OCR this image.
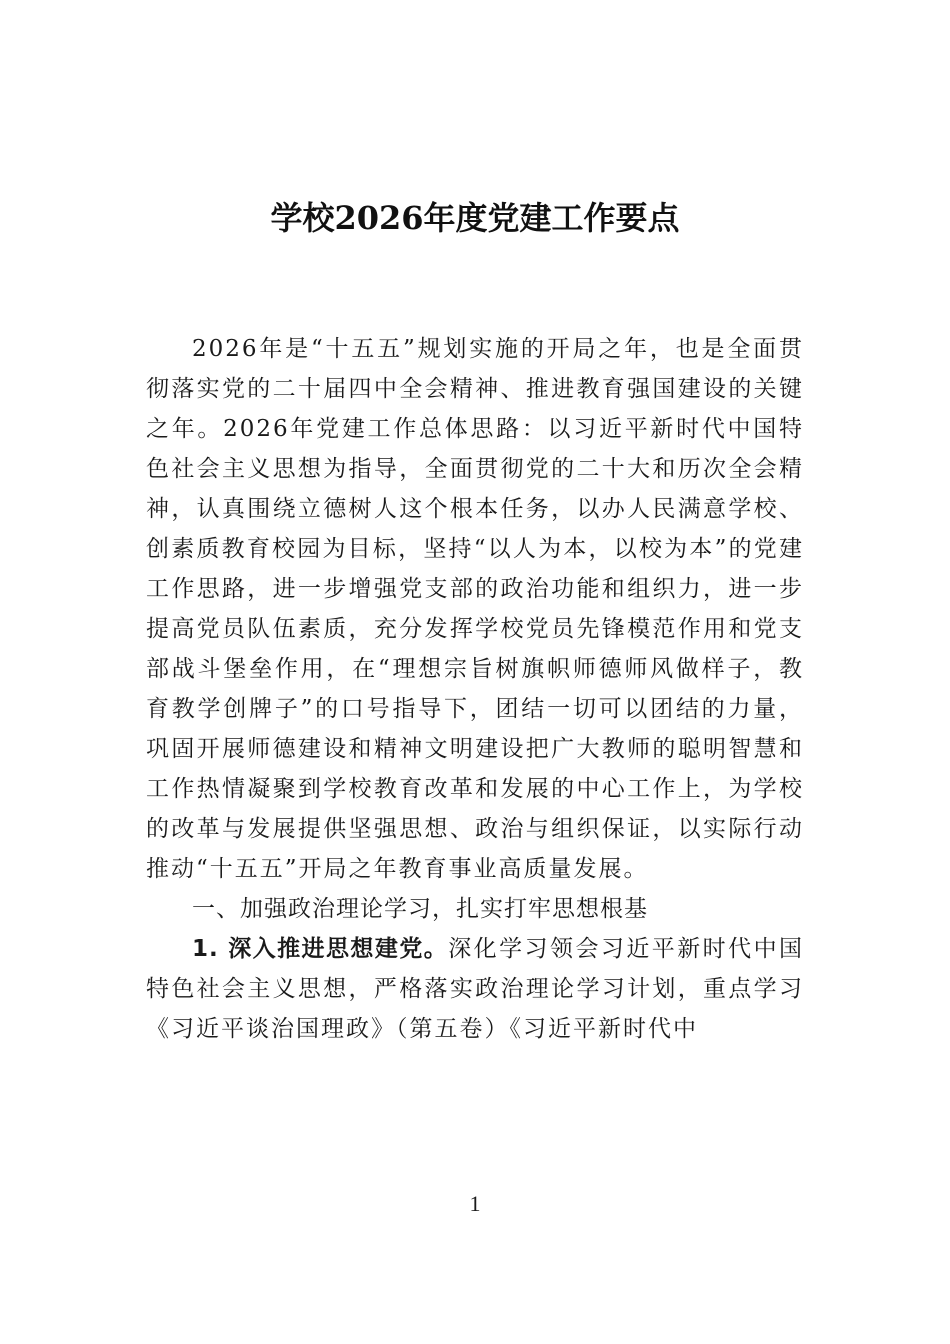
学校2026年度党建工作要点

2026年是“十五五”规划实施的开局之年，也是全面贯彻落实党的二十届四中全会精神、推进教育强国建设的关键之年。2026年党建工作总体思路：以习近平新时代中国特色社会主义思想为指导，全面贯彻党的二十大和历次全会精神，认真围绕立德树人这个根本任务，以办人民满意学校、创素质教育校园为目标，坚持“以人为本，以校为本”的党建工作思路，进一步增强党支部的政治功能和组织力，进一步提高党员队伍素质，充分发挥学校党员先锋模范作用和党支部战斗堡垒作用，在“理想宗旨树旗帜师德师风做样子，教育教学创牌子”的口号指导下，团结一切可以团结的力量，巩固开展师德建设和精神文明建设把广大教师的聪明智慧和工作热情凝聚到学校教育改革和发展的中心工作上，为学校的改革与发展提供坚强思想、政治与组织保证，以实际行动推动“十五五”开局之年教育事业高质量发展。

一、加强政治理论学习，扎实打牢思想根基

1. 深入推进思想建党。深化学习领会习近平新时代中国特色社会主义思想，严格落实政治理论学习计划，重点学习《习近平谈治国理政》（第五卷）《习近平新时代中

1
